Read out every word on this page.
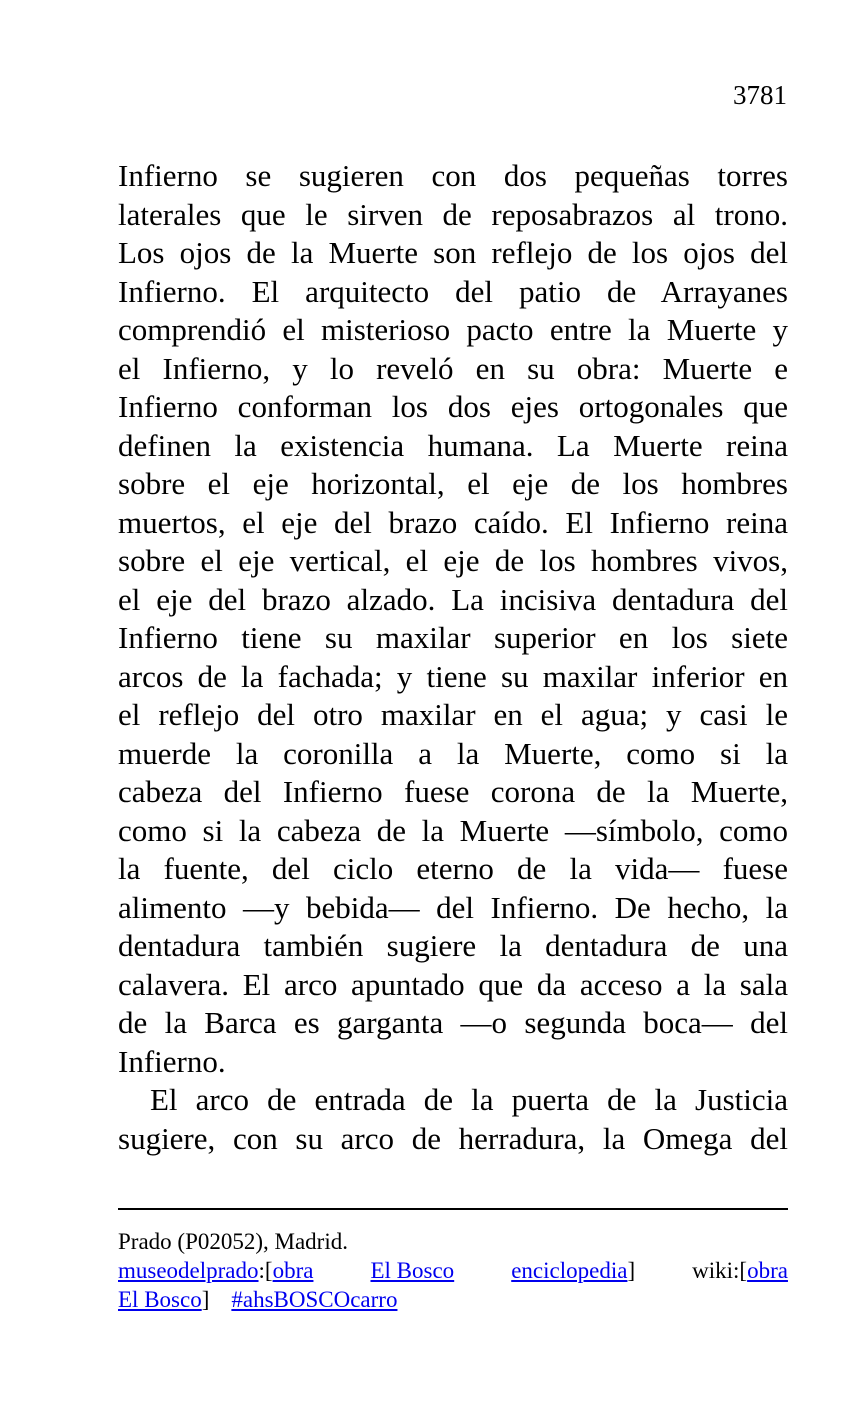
3781
Infierno se sugieren con dos pequeñas torres
laterales que le sirven de reposabrazos al trono.
Los ojos de la Muerte son reflejo de los ojos del
Infierno. El arquitecto del patio de Arrayanes
comprendió el misterioso pacto entre la Muerte y
el Infierno, y lo reveló en su obra: Muerte e
Infierno conforman los dos ejes ortogonales que
definen la existencia humana. La Muerte reina
sobre el eje horizontal, el eje de los hombres
muertos, el eje del brazo caído. El Infierno reina
sobre el eje vertical, el eje de los hombres vivos,
el eje del brazo alzado. La incisiva dentadura del
Infierno tiene su maxilar superior en los siete
arcos de la fachada; y tiene su maxilar inferior en
el reflejo del otro maxilar en el agua; y casi le
muerde la coronilla a la Muerte, como si la
cabeza del Infierno fuese corona de la Muerte,
como si la cabeza de la Muerte —símbolo, como
la fuente, del ciclo eterno de la vida— fuese
alimento —y bebida— del Infierno. De hecho, la
dentadura también sugiere la dentadura de una
calavera. El arco apuntado que da acceso a la sala
de la Barca es garganta —o segunda boca— del
Infierno.
El arco de entrada de la puerta de la Justicia
sugiere, con su arco de herradura, la Omega del
Prado (P02052), Madrid.
museodelprado:[obra El Bosco enciclopedia] wiki:[obra
El Bosco] #ahsBOSCOcarro
